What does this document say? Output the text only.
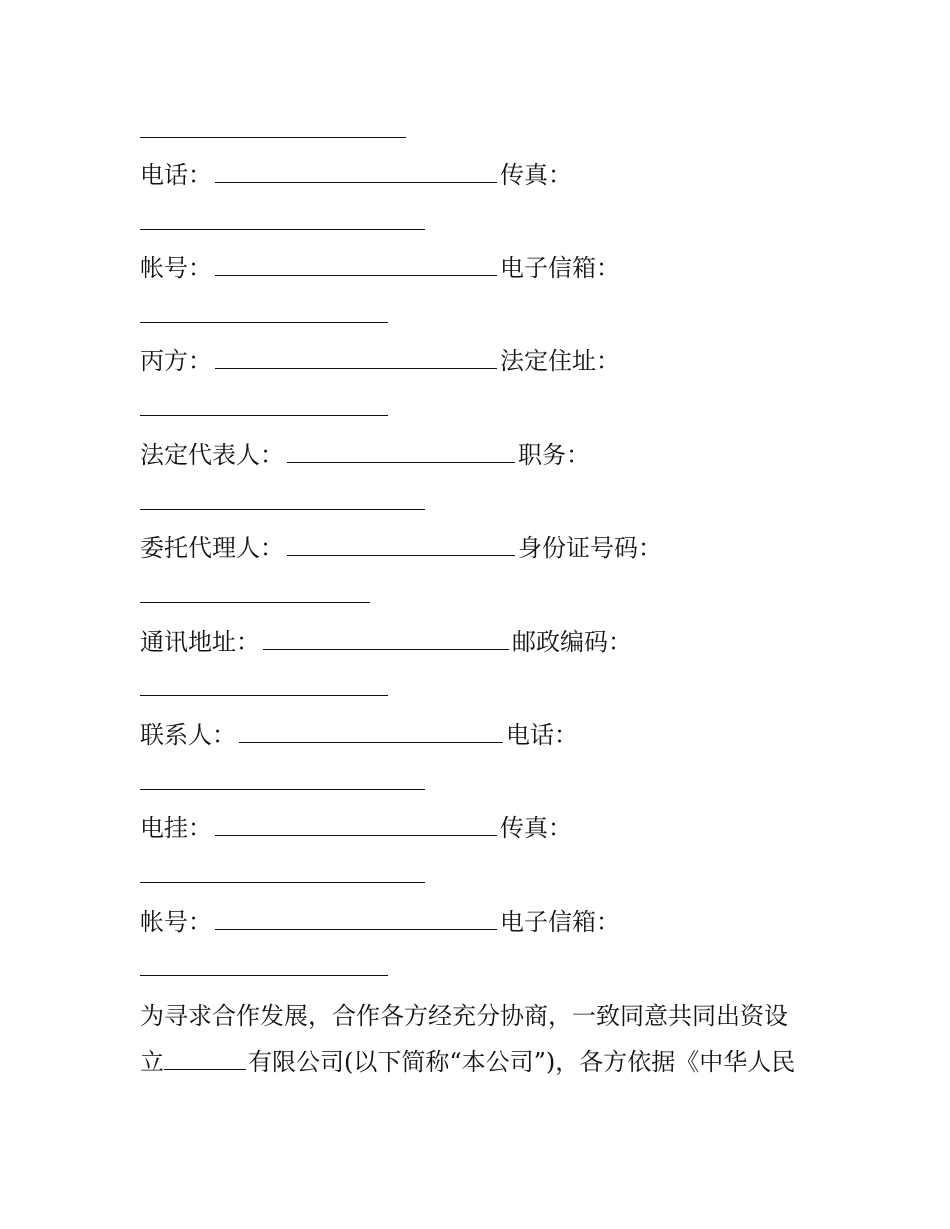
电话：	传真：
帐号：	电子信箱：
丙方：	法定住址：
法定代表人：	职务：
委托代理人：	身份证号码：
通讯地址：	邮政编码：
联系人：	电话：
电挂：	传真：
帐号：	电子信箱：
为寻求合作发展，合作各方经充分协商，一致同意共同出资设
立	有限公司(以下简称“本公司”)，各方依据《中华人民
